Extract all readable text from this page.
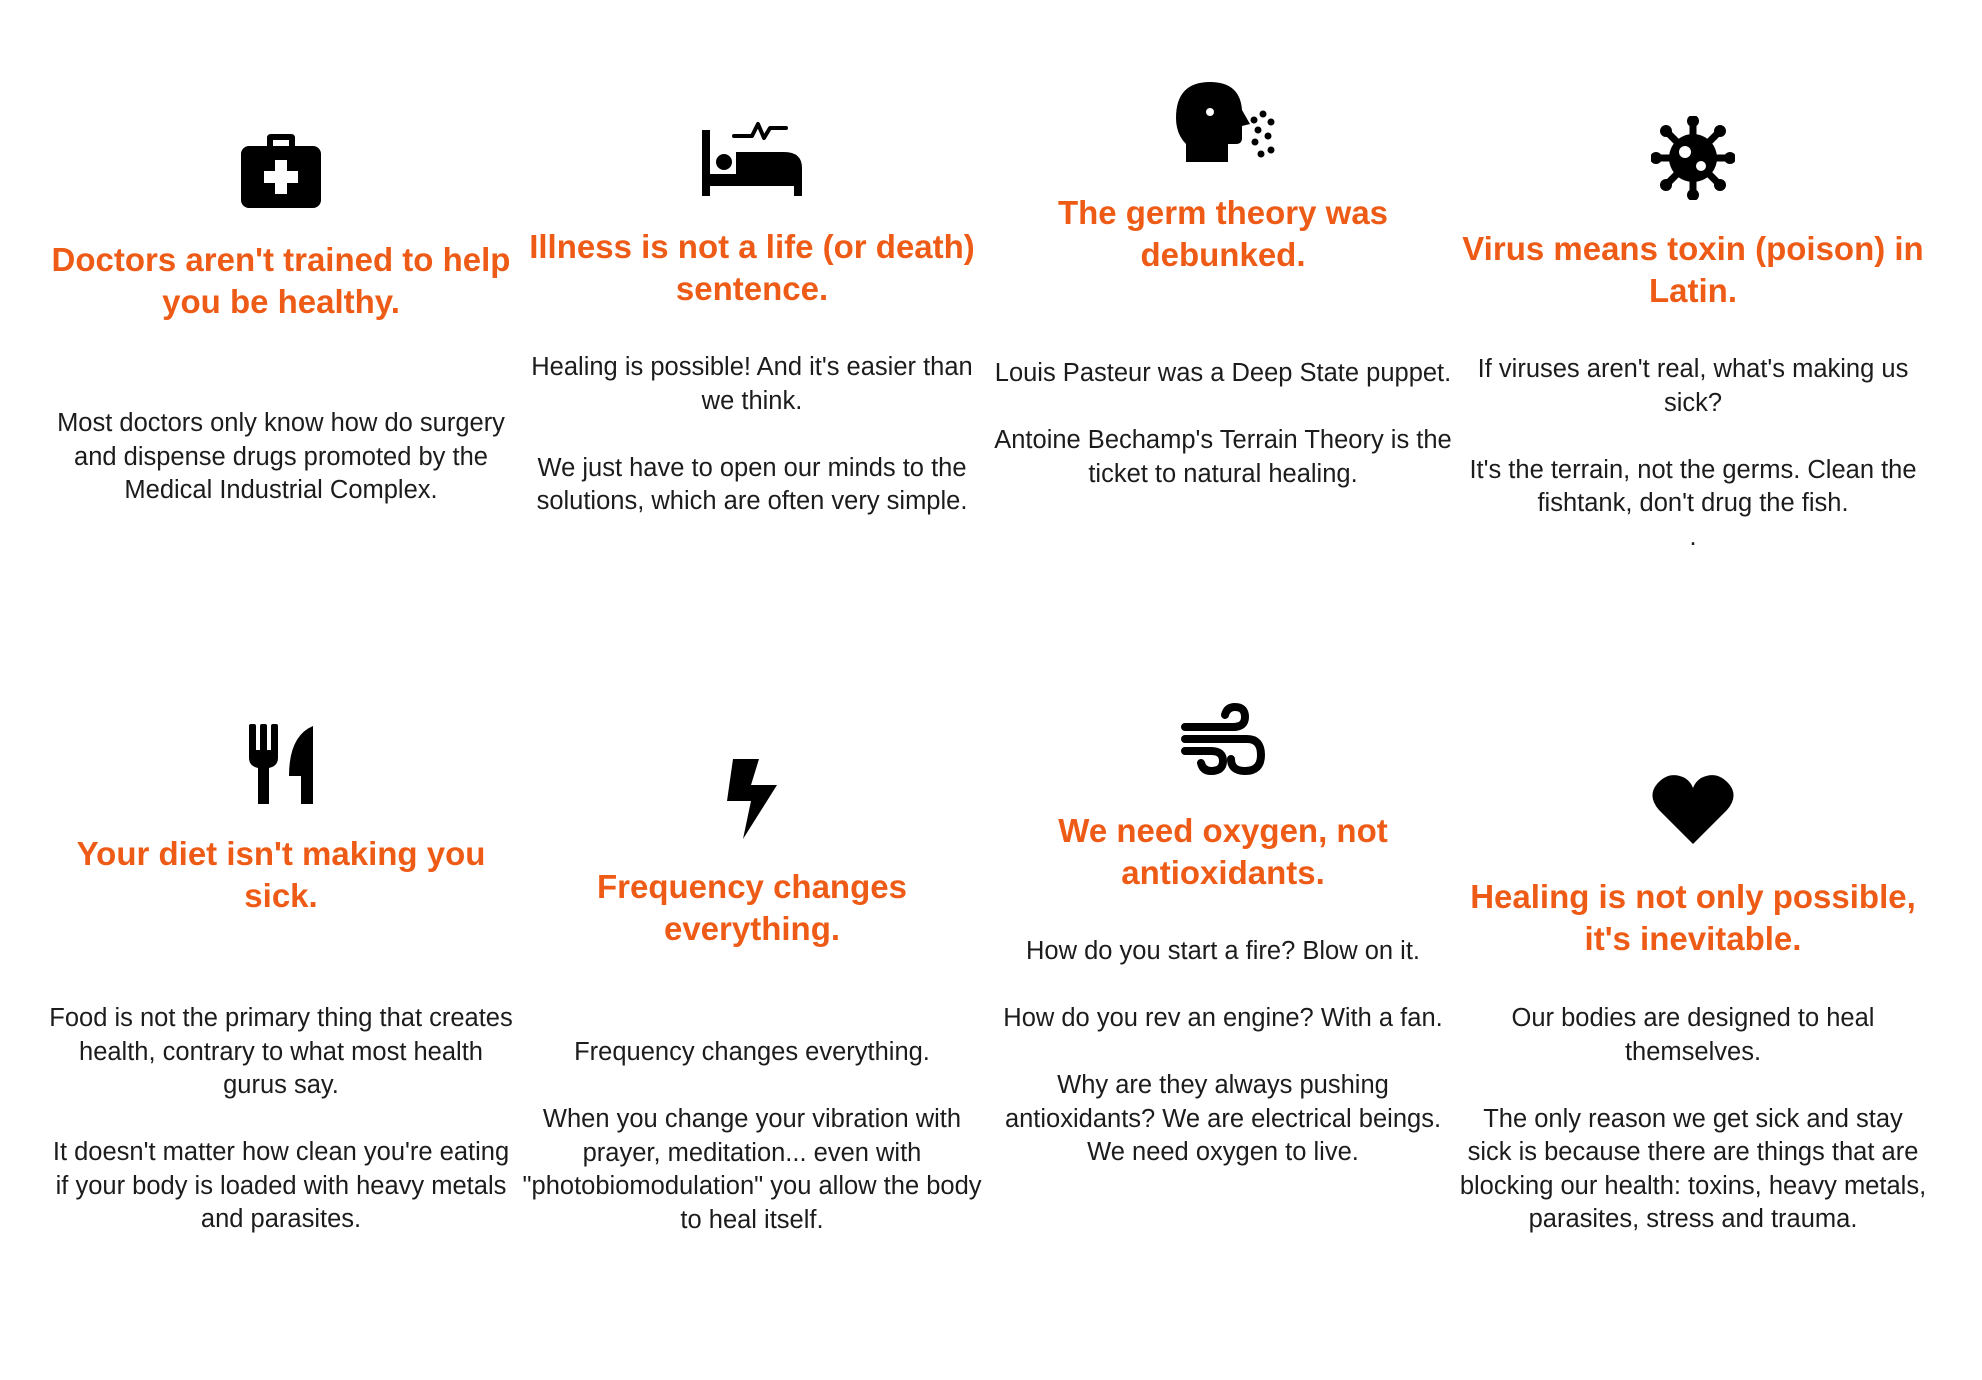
Doctors aren't trained to help you be healthy.

Most doctors only know how do surgery and dispense drugs promoted by the Medical Industrial Complex.

Illness is not a life (or death) sentence.

Healing is possible! And it's easier than we think.

We just have to open our minds to the solutions, which are often very simple.

The germ theory was debunked.

Louis Pasteur was a Deep State puppet.

Antoine Bechamp's Terrain Theory is the ticket to natural healing.

Virus means toxin (poison) in Latin.

If viruses aren't real, what's making us sick?

It's the terrain, not the germs. Clean the fishtank, don't drug the fish.

.

Your diet isn't making you sick.

Food is not the primary thing that creates health, contrary to what most health gurus say.

It doesn't matter how clean you're eating if your body is loaded with heavy metals and parasites.

Frequency changes everything.

Frequency changes everything.

When you change your vibration with prayer, meditation... even with "photobiomodulation" you allow the body to heal itself.

We need oxygen, not antioxidants.

How do you start a fire? Blow on it.

How do you rev an engine? With a fan.

Why are they always pushing antioxidants? We are electrical beings. We need oxygen to live.

Healing is not only possible, it's inevitable.

Our bodies are designed to heal themselves.

The only reason we get sick and stay sick is because there are things that are blocking our health: toxins, heavy metals, parasites, stress and trauma.
